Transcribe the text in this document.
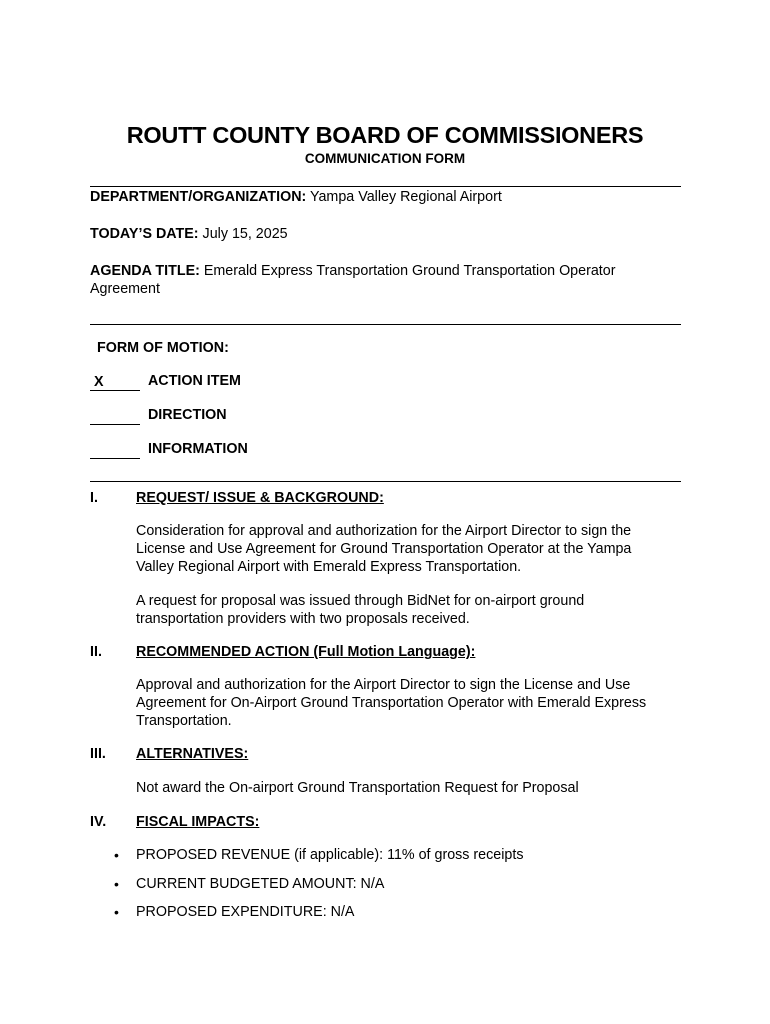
ROUTT COUNTY BOARD OF COMMISSIONERS
COMMUNICATION FORM
DEPARTMENT/ORGANIZATION: Yampa Valley Regional Airport
TODAY’S DATE: July 15, 2025
AGENDA TITLE: Emerald Express Transportation Ground Transportation Operator
Agreement
FORM OF MOTION:
X	ACTION ITEM
DIRECTION
INFORMATION
I.	REQUEST/ ISSUE & BACKGROUND:
Consideration for approval and authorization for the Airport Director to sign the
License and Use Agreement for Ground Transportation Operator at the Yampa
Valley Regional Airport with Emerald Express Transportation.
A request for proposal was issued through BidNet for on-airport ground
transportation providers with two proposals received.
II. RECOMMENDED ACTION (Full Motion Language):
Approval and authorization for the Airport Director to sign the License and Use
Agreement for On-Airport Ground Transportation Operator with Emerald Express
Transportation.
III. ALTERNATIVES:
Not award the On-airport Ground Transportation Request for Proposal
IV. FISCAL IMPACTS:
• PROPOSED REVENUE (if applicable): 11% of gross receipts
• CURRENT BUDGETED AMOUNT: N/A
• PROPOSED EXPENDITURE: N/A
